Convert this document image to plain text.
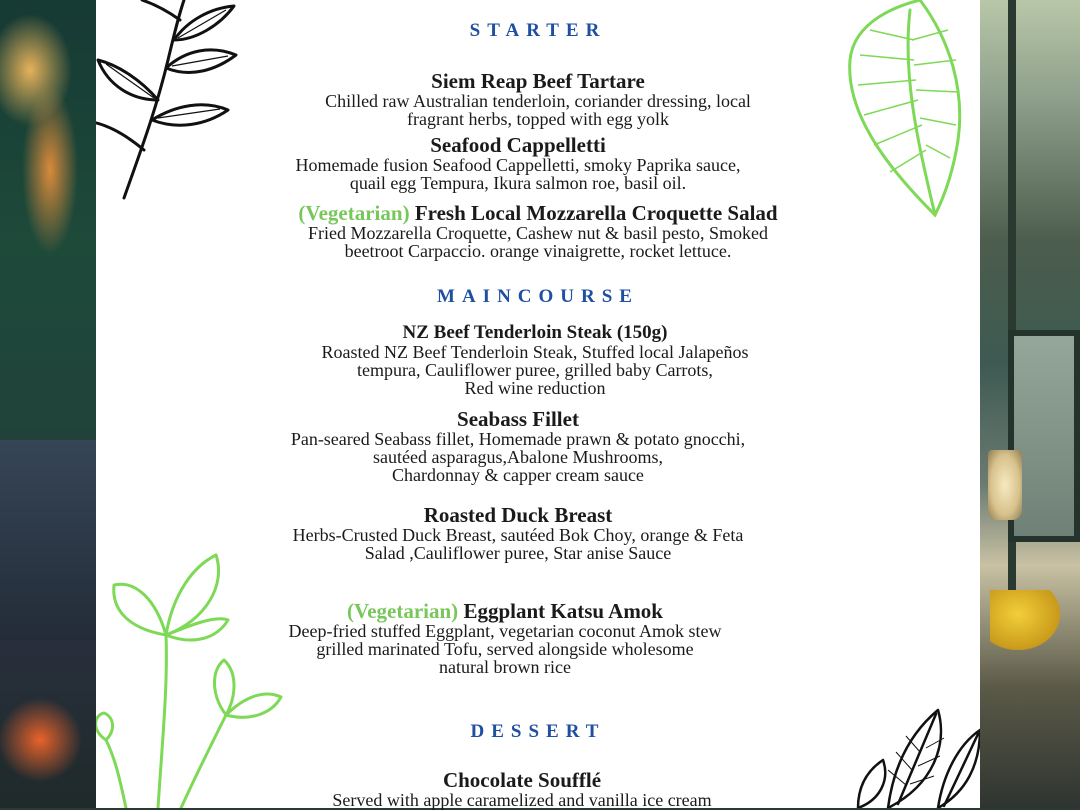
STARTER
Siem Reap Beef Tartare
Chilled raw Australian tenderloin, coriander dressing, local
fragrant herbs, topped with egg yolk
Seafood Cappelletti
Homemade fusion Seafood Cappelletti, smoky Paprika sauce,
quail egg Tempura, Ikura salmon roe, basil oil.
(Vegetarian) Fresh Local Mozzarella Croquette Salad
Fried Mozzarella Croquette, Cashew nut & basil pesto, Smoked
beetroot Carpaccio. orange vinaigrette, rocket lettuce.
MAINCOURSE
NZ Beef Tenderloin Steak (150g)
Roasted NZ Beef Tenderloin Steak, Stuffed local Jalapeños
tempura, Cauliflower puree, grilled baby Carrots,
Red wine reduction
Seabass Fillet
Pan-seared Seabass fillet, Homemade prawn & potato gnocchi,
sautéed asparagus,Abalone Mushrooms,
Chardonnay & capper cream sauce
Roasted Duck Breast
Herbs-Crusted Duck Breast, sautéed Bok Choy, orange & Feta
Salad ,Cauliflower puree, Star anise Sauce
(Vegetarian) Eggplant Katsu Amok
Deep-fried stuffed Eggplant, vegetarian coconut Amok stew
grilled marinated Tofu, served alongside wholesome
natural brown rice
DESSERT
Chocolate Soufflé
Served with apple caramelized and vanilla ice cream
